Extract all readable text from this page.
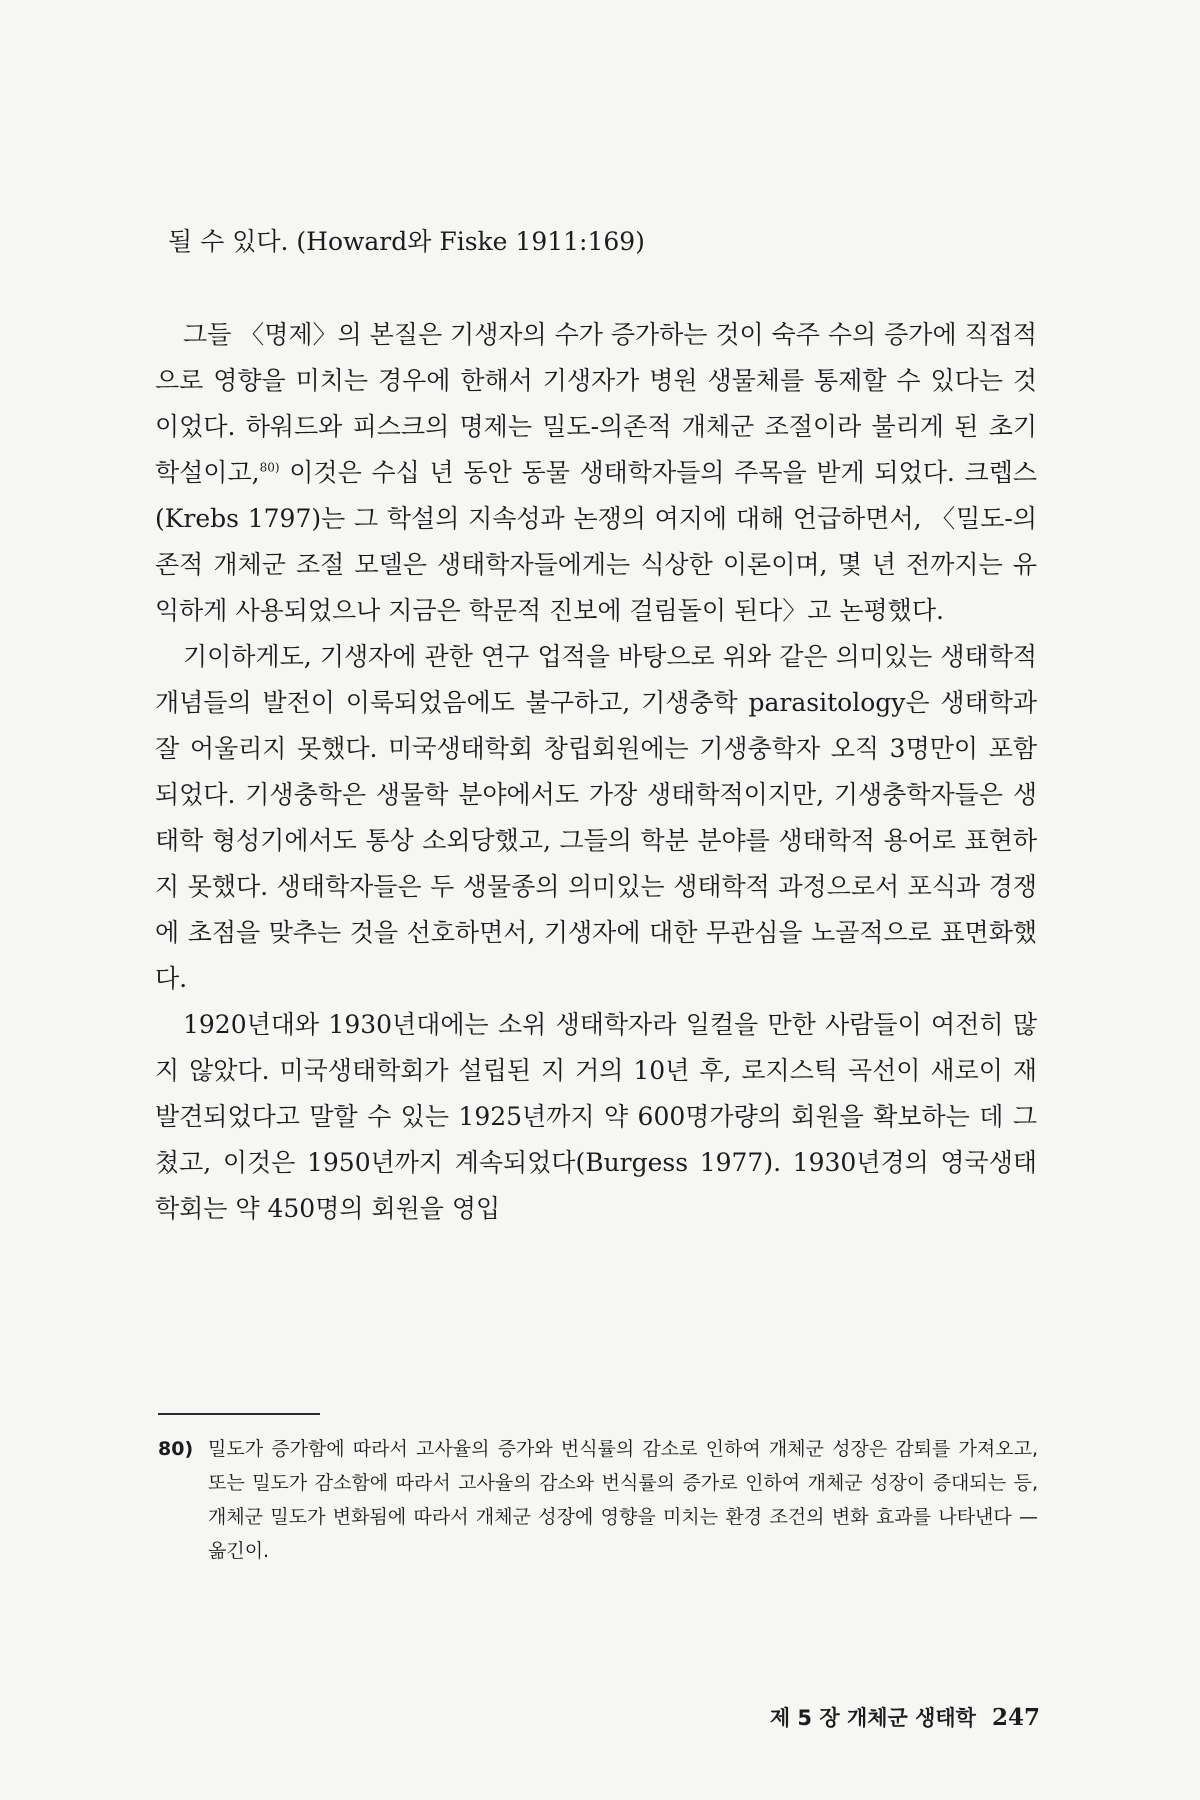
될 수 있다. (Howard와 Fiske 1911:169)

그들 〈명제〉의 본질은 기생자의 수가 증가하는 것이 숙주 수의 증가에 직접적으로 영향을 미치는 경우에 한해서 기생자가 병원 생물체를 통제할 수 있다는 것이었다. 하워드와 피스크의 명제는 밀도-의존적 개체군 조절이라 불리게 된 초기 학설이고,$^{80)}$ 이것은 수십 년 동안 동물 생태학자들의 주목을 받게 되었다. 크렙스(Krebs 1797)는 그 학설의 지속성과 논쟁의 여지에 대해 언급하면서, 〈밀도-의존적 개체군 조절 모델은 생태학자들에게는 식상한 이론이며, 몇 년 전까지는 유익하게 사용되었으나 지금은 학문적 진보에 걸림돌이 된다〉고 논평했다.

기이하게도, 기생자에 관한 연구 업적을 바탕으로 위와 같은 의미있는 생태학적 개념들의 발전이 이룩되었음에도 불구하고, 기생충학 parasitology은 생태학과 잘 어울리지 못했다. 미국생태학회 창립회원에는 기생충학자 오직 3명만이 포함되었다. 기생충학은 생물학 분야에서도 가장 생태학적이지만, 기생충학자들은 생태학 형성기에서도 통상 소외당했고, 그들의 학분 분야를 생태학적 용어로 표현하지 못했다. 생태학자들은 두 생물종의 의미있는 생태학적 과정으로서 포식과 경쟁에 초점을 맞추는 것을 선호하면서, 기생자에 대한 무관심을 노골적으로 표면화했다.

1920년대와 1930년대에는 소위 생태학자라 일컬을 만한 사람들이 여전히 많지 않았다. 미국생태학회가 설립된 지 거의 10년 후, 로지스틱 곡선이 새로이 재발견되었다고 말할 수 있는 1925년까지 약 600명가량의 회원을 확보하는 데 그쳤고, 이것은 1950년까지 계속되었다(Burgess 1977). 1930년경의 영국생태학회는 약 450명의 회원을 영입

80) 밀도가 증가함에 따라서 고사율의 증가와 번식률의 감소로 인하여 개체군 성장은 감퇴를 가져오고, 또는 밀도가 감소함에 따라서 고사율의 감소와 번식률의 증가로 인하여 개체군 성장이 증대되는 등, 개체군 밀도가 변화됨에 따라서 개체군 성장에 영향을 미치는 환경 조건의 변화 효과를 나타낸다 — 옮긴이.
제 5 장 개체군 생태학 247
